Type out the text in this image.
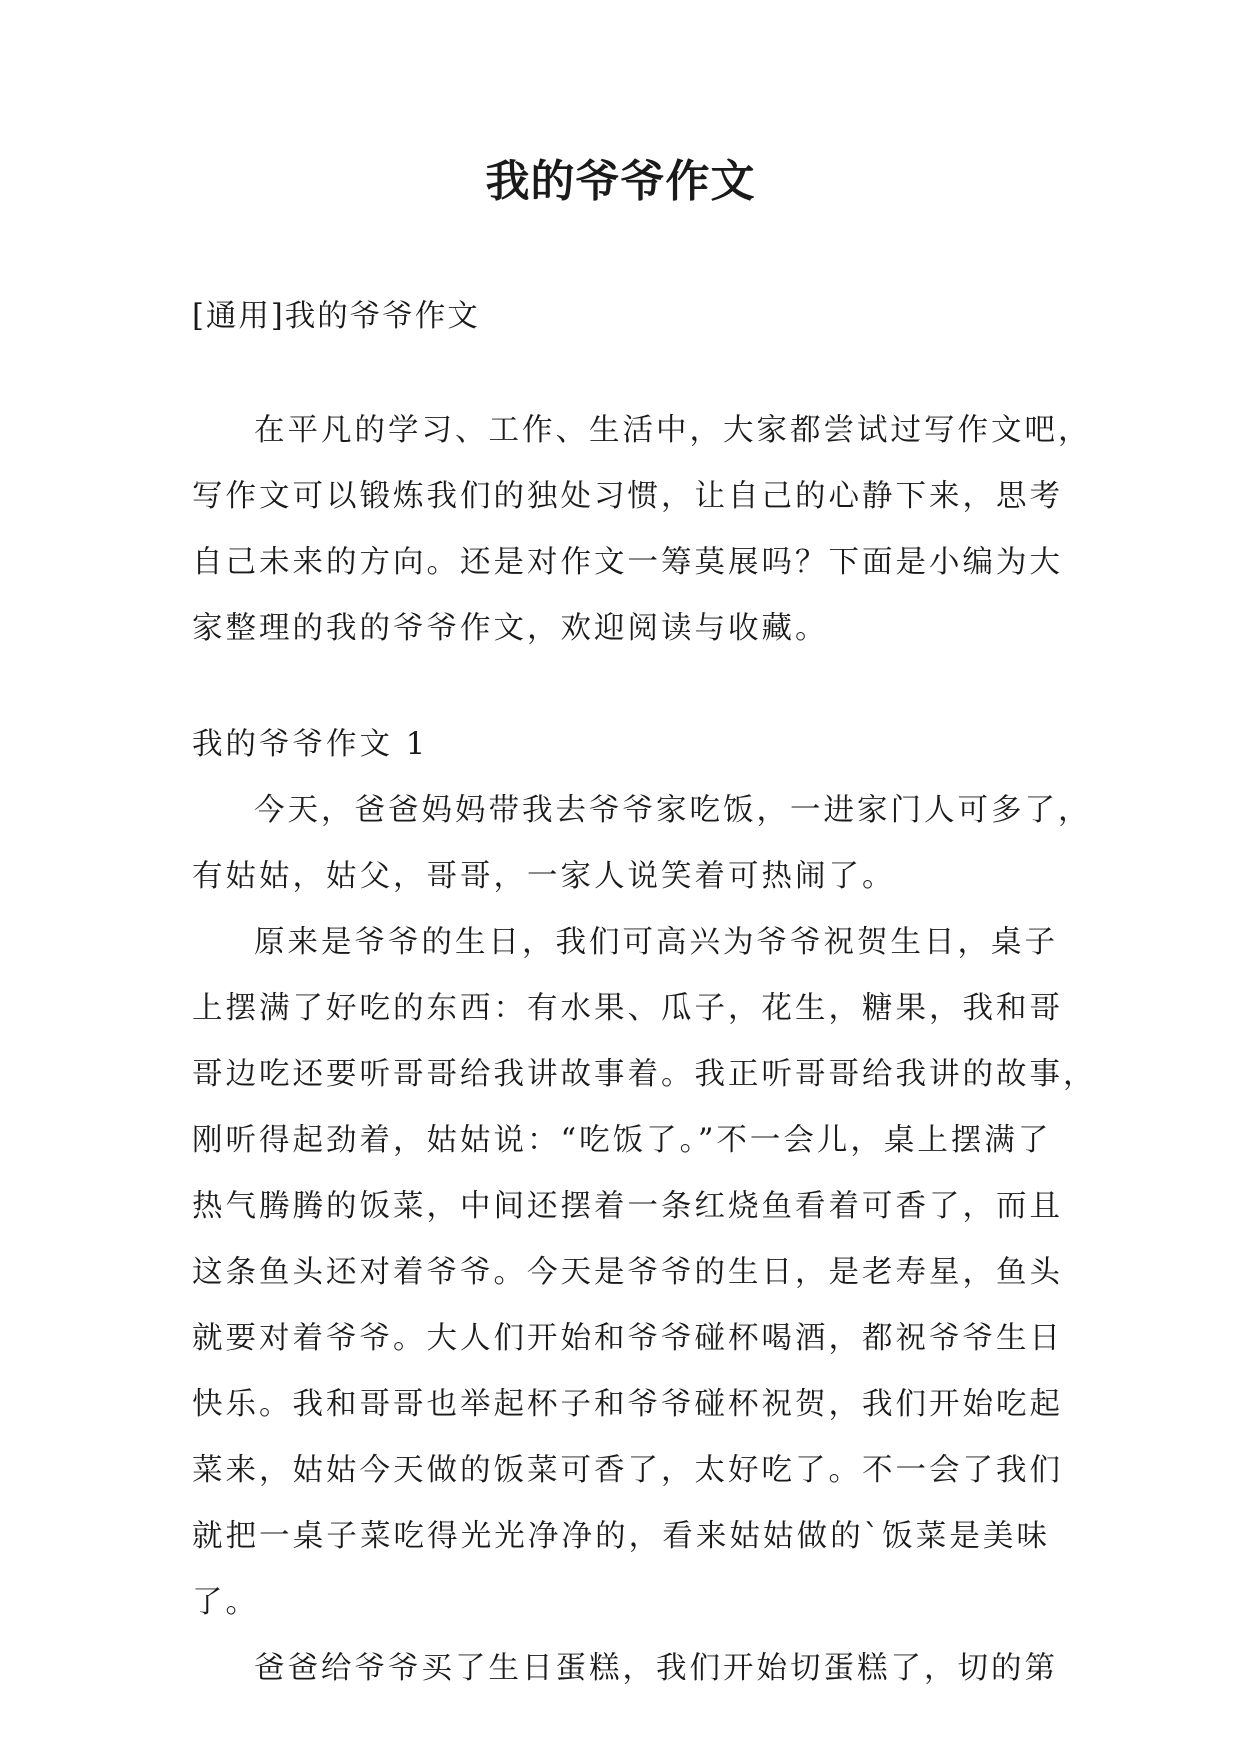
我的爷爷作文
[通用]我的爷爷作文
在平凡的学习、工作、生活中，大家都尝试过写作文吧，
写作文可以锻炼我们的独处习惯，让自己的心静下来，思考
自己未来的方向。还是对作文一筹莫展吗？下面是小编为大
家整理的我的爷爷作文，欢迎阅读与收藏。
我的爷爷作文 1
今天，爸爸妈妈带我去爷爷家吃饭，一进家门人可多了，
有姑姑，姑父，哥哥，一家人说笑着可热闹了。
原来是爷爷的生日，我们可高兴为爷爷祝贺生日，桌子
上摆满了好吃的东西：有水果、瓜子，花生，糖果，我和哥
哥边吃还要听哥哥给我讲故事着。我正听哥哥给我讲的故事，
刚听得起劲着，姑姑说：“吃饭了。”不一会儿，桌上摆满了
热气腾腾的饭菜，中间还摆着一条红烧鱼看着可香了，而且
这条鱼头还对着爷爷。今天是爷爷的生日，是老寿星，鱼头
就要对着爷爷。大人们开始和爷爷碰杯喝酒，都祝爷爷生日
快乐。我和哥哥也举起杯子和爷爷碰杯祝贺，我们开始吃起
菜来，姑姑今天做的饭菜可香了，太好吃了。不一会了我们
就把一桌子菜吃得光光净净的，看来姑姑做的`饭菜是美味
了。
爸爸给爷爷买了生日蛋糕，我们开始切蛋糕了，切的第
